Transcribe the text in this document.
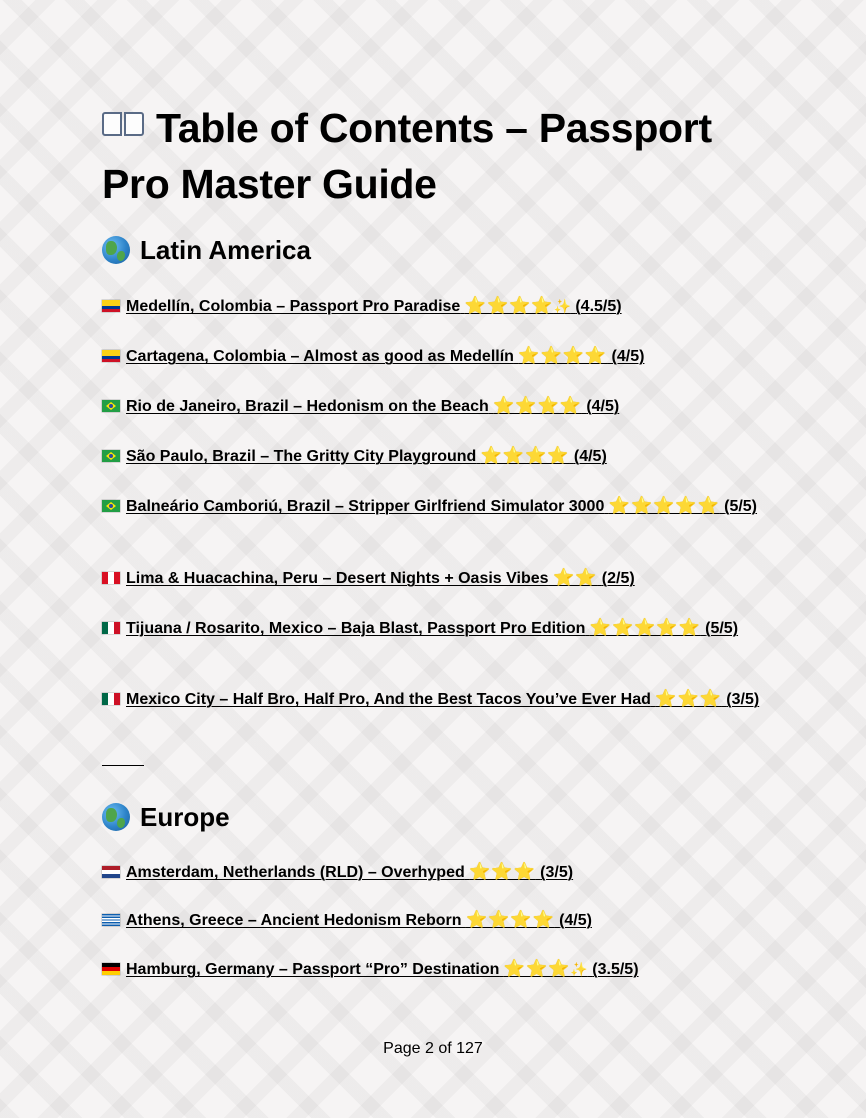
Table of Contents – Passport Pro Master Guide
Latin America
Medellín, Colombia – Passport Pro Paradise ⭐⭐⭐⭐✨ (4.5/5)
Cartagena, Colombia – Almost as good as Medellín ⭐⭐⭐⭐ (4/5)
Rio de Janeiro, Brazil – Hedonism on the Beach ⭐⭐⭐⭐ (4/5)
São Paulo, Brazil – The Gritty City Playground ⭐⭐⭐⭐ (4/5)
Balneário Camboriú, Brazil – Stripper Girlfriend Simulator 3000 ⭐⭐⭐⭐⭐ (5/5)
Lima & Huacachina, Peru – Desert Nights + Oasis Vibes ⭐⭐ (2/5)
Tijuana / Rosarito, Mexico – Baja Blast, Passport Pro Edition ⭐⭐⭐⭐⭐ (5/5)
Mexico City – Half Bro, Half Pro, And the Best Tacos You’ve Ever Had ⭐⭐⭐ (3/5)
Europe
Amsterdam, Netherlands (RLD) – Overhyped ⭐⭐⭐ (3/5)
Athens, Greece – Ancient Hedonism Reborn ⭐⭐⭐⭐ (4/5)
Hamburg, Germany – Passport “Pro” Destination ⭐⭐⭐✨ (3.5/5)
Page 2 of 127
